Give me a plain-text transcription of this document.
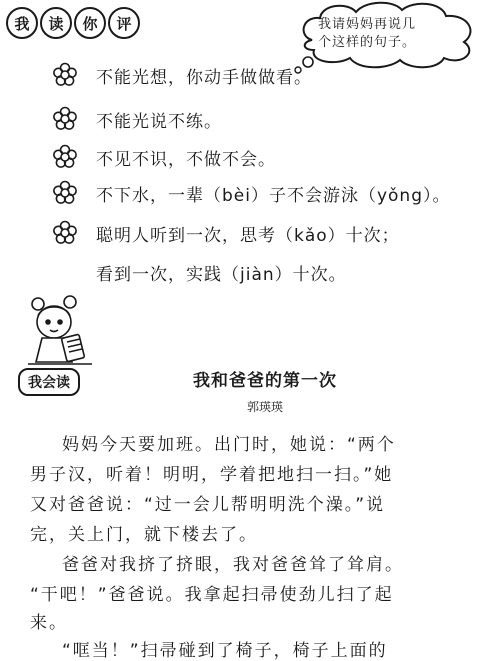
我	读	你	评	我请妈妈再说几
个这样的句子。
不能光想，你动手做做看。
不能光说不练。
不见不识，不做不会。
不下水，一辈（bèi）子不会游泳（yǒng）。
聪明人听到一次，思考（kǎo）十次；
看到一次，实践（jiàn）十次。
我会读	我和爸爸的第一次
郭瑛瑛
妈妈今天要加班。出门时，她说：“两个
男子汉，听着！明明，学着把地扫一扫。”她
又对爸爸说：“过一会儿帮明明洗个澡。”说
完，关上门，就下楼去了。
爸爸对我挤了挤眼，我对爸爸耸了耸肩。
“干吧！”爸爸说。我拿起扫帚使劲儿扫了起
来。
“哐当！”扫帚碰到了椅子，椅子上面的
